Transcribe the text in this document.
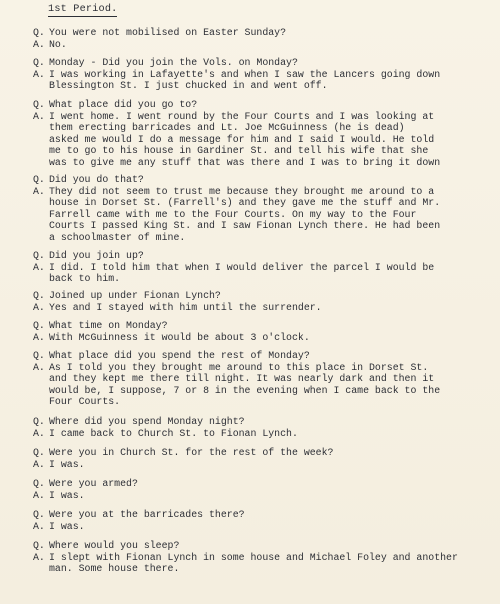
1st Period.
Q. You were not mobilised on Easter Sunday?
A. No.
Q. Monday - Did you join the Vols. on Monday?
A. I was working in Lafayette's and when I saw the Lancers going down
Blessington St. I just chucked in and went off.
Q. What place did you go to?
A. I went home. I went round by the Four Courts and I was looking at
them erecting barricades and Lt. Joe McGuinness (he is dead)
asked me would I do a message for him and I said I would. He told
me to go to his house in Gardiner St. and tell his wife that she
was to give me any stuff that was there and I was to bring it down
Q. Did you do that?
A. They did not seem to trust me because they brought me around to a
house in Dorset St. (Farrell's) and they gave me the stuff and Mr.
Farrell came with me to the Four Courts. On my way to the Four
Courts I passed King St. and I saw Fionan Lynch there. He had been
a schoolmaster of mine.
Q. Did you join up?
A. I did. I told him that when I would deliver the parcel I would be
back to him.
Q. Joined up under Fionan Lynch?
A. Yes and I stayed with him until the surrender.
Q. What time on Monday?
A. With McGuinness it would be about 3 o'clock.
Q. What place did you spend the rest of Monday?
A. As I told you they brought me around to this place in Dorset St.
and they kept me there till night. It was nearly dark and then it
would be, I suppose, 7 or 8 in the evening when I came back to the
Four Courts.
Q. Where did you spend Monday night?
A. I came back to Church St. to Fionan Lynch.
Q. Were you in Church St. for the rest of the week?
A. I was.
Q. Were you armed?
A. I was.
Q. Were you at the barricades there?
A. I was.
Q. Where would you sleep?
A. I slept with Fionan Lynch in some house and Michael Foley and another
man. Some house there.
